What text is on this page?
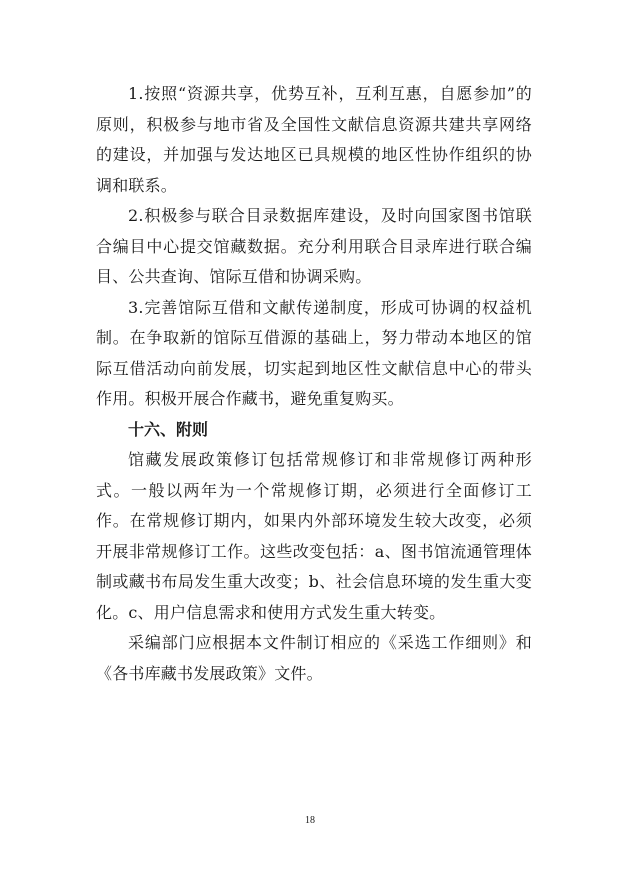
1.按照“资源共享，优势互补，互利互惠，自愿参加”的原则，积极参与地市省及全国性文献信息资源共建共享网络的建设，并加强与发达地区已具规模的地区性协作组织的协调和联系。

2.积极参与联合目录数据库建设，及时向国家图书馆联合编目中心提交馆藏数据。充分利用联合目录库进行联合编目、公共查询、馆际互借和协调采购。

3.完善馆际互借和文献传递制度，形成可协调的权益机制。在争取新的馆际互借源的基础上，努力带动本地区的馆际互借活动向前发展，切实起到地区性文献信息中心的带头作用。积极开展合作藏书，避免重复购买。

十六、附则

馆藏发展政策修订包括常规修订和非常规修订两种形式。一般以两年为一个常规修订期，必须进行全面修订工作。在常规修订期内，如果内外部环境发生较大改变，必须开展非常规修订工作。这些改变包括：a、图书馆流通管理体制或藏书布局发生重大改变；b、社会信息环境的发生重大变化。c、用户信息需求和使用方式发生重大转变。

采编部门应根据本文件制订相应的《采选工作细则》和《各书库藏书发展政策》文件。

18
